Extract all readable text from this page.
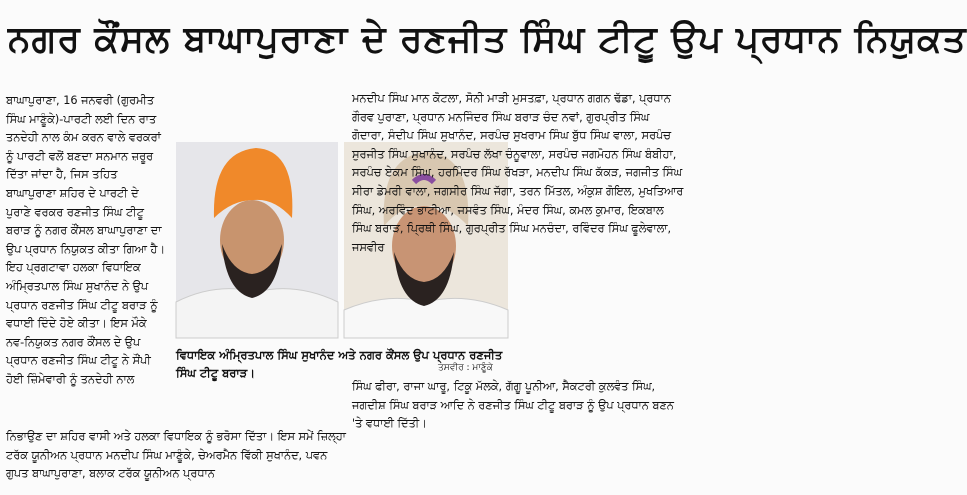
ਨਗਰ ਕੌਂਸਲ ਬਾਘਾਪੁਰਾਣਾ ਦੇ ਰਣਜੀਤ ਸਿੰਘ ਟੀਟੂ ਉਪ ਪ੍ਰਧਾਨ ਨਿਯੁਕਤ

ਬਾਘਾਪੁਰਾਣਾ, 16 ਜਨਵਰੀ (ਗੁਰਮੀਤ ਸਿੰਘ ਮਾਣੂੰਕੇ)-ਪਾਰਟੀ ਲਈ ਦਿਨ ਰਾਤ ਤਨਦੇਹੀ ਨਾਲ ਕੰਮ ਕਰਨ ਵਾਲੇ ਵਰਕਰਾਂ ਨੂੰ ਪਾਰਟੀ ਵਲੋਂ ਬਣਦਾ ਸਨਮਾਨ ਜ਼ਰੂਰ ਦਿੱਤਾ ਜਾਂਦਾ ਹੈ, ਜਿਸ ਤਹਿਤ ਬਾਘਾਪੁਰਾਣਾ ਸ਼ਹਿਰ ਦੇ ਪਾਰਟੀ ਦੇ ਪੁਰਾਣੇ ਵਰਕਰ ਰਣਜੀਤ ਸਿੰਘ ਟੀਟੂ ਬਰਾੜ ਨੂੰ ਨਗਰ ਕੌਂਸਲ ਬਾਘਾਪੁਰਾਣਾ ਦਾ ਉਪ ਪ੍ਰਧਾਨ ਨਿਯੁਕਤ ਕੀਤਾ ਗਿਆ ਹੈ। ਇਹ ਪ੍ਰਗਟਾਵਾ ਹਲਕਾ ਵਿਧਾਇਕ ਅੰਮ੍ਰਿਤਪਾਲ ਸਿੰਘ ਸੁਖਾਨੰਦ ਨੇ ਉਪ ਪ੍ਰਧਾਨ ਰਣਜੀਤ ਸਿੰਘ ਟੀਟੂ ਬਰਾੜ ਨੂੰ ਵਧਾਈ ਦਿੰਦੇ ਹੋਏ ਕੀਤਾ। ਇਸ ਮੌਕੇ ਨਵ-ਨਿਯੁਕਤ ਨਗਰ ਕੌਂਸਲ ਦੇ ਉਪ ਪ੍ਰਧਾਨ ਰਣਜੀਤ ਸਿੰਘ ਟੀਟੂ ਨੇ ਸੌਂਪੀ ਹੋਈ ਜ਼ਿੰਮੇਵਾਰੀ ਨੂੰ ਤਨਦੇਹੀ ਨਾਲ

ਵਿਧਾਇਕ ਅੰਮ੍ਰਿਤਪਾਲ ਸਿੰਘ ਸੁਖਾਨੰਦ ਅਤੇ ਨਗਰ ਕੌਂਸਲ ਉਪ ਪ੍ਰਧਾਨ ਰਣਜੀਤ ਸਿੰਘ ਟੀਟੂ ਬਰਾੜ।	ਤਸਵੀਰ : ਮਾਣੂੰਕੇ

ਮਨਦੀਪ ਸਿੰਘ ਮਾਨ ਕੋਟਲਾ, ਸੋਨੀ ਮਾੜੀ ਮੁਸਤਫ਼ਾ, ਪ੍ਰਧਾਨ ਗਗਨ ਢੱਡਾ, ਪ੍ਰਧਾਨ ਗੌਰਵ ਪੁਰਾਣਾ, ਪ੍ਰਧਾਨ ਮਨਜਿੰਦਰ ਸਿੰਘ ਬਰਾੜ ਚੰਦ ਨਵਾਂ, ਗੁਰਪ੍ਰੀਤ ਸਿੰਘ ਗੋਦਾਰਾ, ਸੰਦੀਪ ਸਿੰਘ ਸੁਖਾਨੰਦ, ਸਰਪੰਚ ਸੁਖਰਾਮ ਸਿੰਘ ਬੁੱਧ ਸਿੰਘ ਵਾਲਾ, ਸਰਪੰਚ ਸੁਰਜੀਤ ਸਿੰਘ ਸੁਖਾਨੰਦ, ਸਰਪੰਚ ਲੱਖਾ ਚੰਨੂਵਾਲਾ, ਸਰਪੰਚ ਜਗਮੋਹਨ ਸਿੰਘ ਬੰਬੀਹਾ, ਸਰਪੰਚ ਏਕਮ ਸਿੰਘ, ਹਰਮਿੰਦਰ ਸਿੰਘ ਰੱਖੜਾ, ਮਨਦੀਪ ਸਿੰਘ ਕੱਕੜ, ਜਗਜੀਤ ਸਿੰਘ ਸੀਰਾ ਡੇਮਰੀ ਵਾਲਾ, ਜਗਸੀਰ ਸਿੰਘ ਜੱਗਾ, ਤਰਨ ਮਿੱਤਲ, ਅੰਕੁਸ਼ ਗੋਇਲ, ਮੁਖਤਿਆਰ ਸਿੰਘ, ਅਰਵਿੰਦ ਭਾਟੀਆ, ਜਸਵੰਤ ਸਿੰਘ, ਮੰਦਰ ਸਿੰਘ, ਕਮਲ ਕੁਮਾਰ, ਇਕਬਾਲ ਸਿੰਘ ਬਰਾੜ, ਪ੍ਰਿਥੀ ਸਿੰਘ, ਗੁਰਪ੍ਰੀਤ ਸਿੰਘ ਮਨਚੰਦਾ, ਰਵਿੰਦਰ ਸਿੰਘ ਫੂਲੇਵਾਲਾ, ਜਸਵੀਰ

ਸਿੰਘ ਫੀਰਾ, ਰਾਜਾ ਘਾਰੂ, ਟਿਕੂ ਮੱਲਕੇ, ਗੱਗੂ ਪੂਨੀਆ, ਸੈਕਟਰੀ ਕੁਲਵੰਤ ਸਿੰਘ, ਜਗਦੀਸ਼ ਸਿੰਘ ਬਰਾੜ ਆਦਿ ਨੇ ਰਣਜੀਤ ਸਿੰਘ ਟੀਟੂ ਬਰਾੜ ਨੂੰ ਉਪ ਪ੍ਰਧਾਨ ਬਣਨ 'ਤੇ ਵਧਾਈ ਦਿੱਤੀ।

ਨਿਭਾਉਣ ਦਾ ਸ਼ਹਿਰ ਵਾਸੀ ਅਤੇ ਹਲਕਾ ਵਿਧਾਇਕ ਨੂੰ ਭਰੋਸਾ ਦਿੱਤਾ। ਇਸ ਸਮੇਂ ਜ਼ਿਲ੍ਹਾ ਟਰੱਕ ਯੂਨੀਅਨ ਪ੍ਰਧਾਨ ਮਨਦੀਪ ਸਿੰਘ ਮਾਣੂੰਕੇ, ਚੇਅਰਮੈਨ ਵਿੱਕੀ ਸੁਖਾਨੰਦ, ਪਵਨ ਗੁਪਤ ਬਾਘਾਪੁਰਾਣਾ, ਬਲਾਕ ਟਰੱਕ ਯੂਨੀਅਨ ਪ੍ਰਧਾਨ
